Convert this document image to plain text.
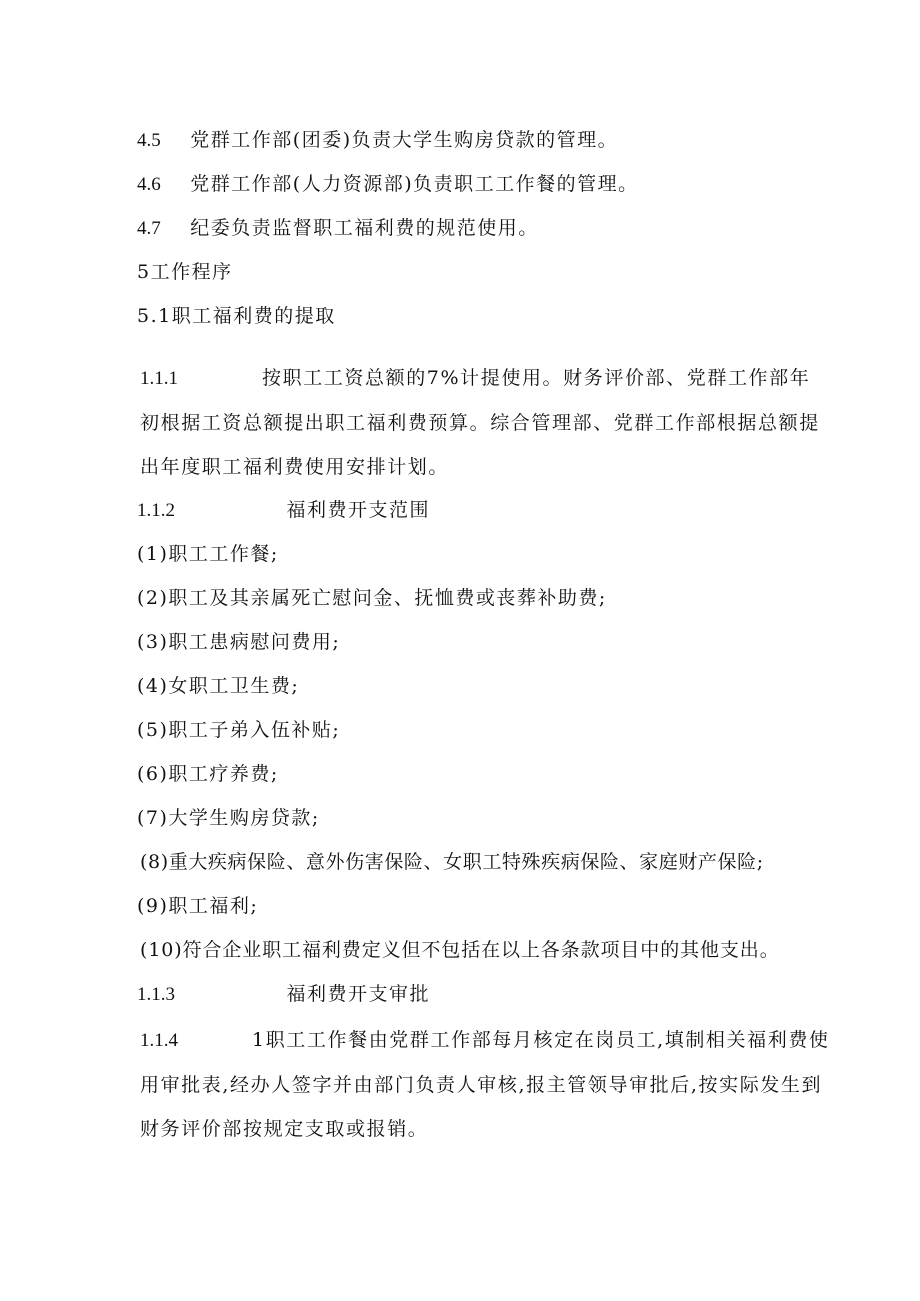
4.5 党群工作部(团委)负责大学生购房贷款的管理。
4.6 党群工作部(人力资源部)负责职工工作餐的管理。
4.7 纪委负责监督职工福利费的规范使用。
5工作程序
5.1职工福利费的提取
1.1.1	按职工工资总额的7%计提使用。财务评价部、党群工作部年初根据工资总额提出职工福利费预算。综合管理部、党群工作部根据总额提出年度职工福利费使用安排计划。
1.1.2	福利费开支范围
(1)职工工作餐;
(2)职工及其亲属死亡慰问金、抚恤费或丧葬补助费;
(3)职工患病慰问费用;
(4)女职工卫生费;
(5)职工子弟入伍补贴;
(6)职工疗养费;
(7)大学生购房贷款;
(8)重大疾病保险、意外伤害保险、女职工特殊疾病保险、家庭财产保险;
(9)职工福利;
(10)符合企业职工福利费定义但不包括在以上各条款项目中的其他支出。
1.1.3	福利费开支审批
1.1.4	1职工工作餐由党群工作部每月核定在岗员工,填制相关福利费使用审批表,经办人签字并由部门负责人审核,报主管领导审批后,按实际发生到财务评价部按规定支取或报销。
